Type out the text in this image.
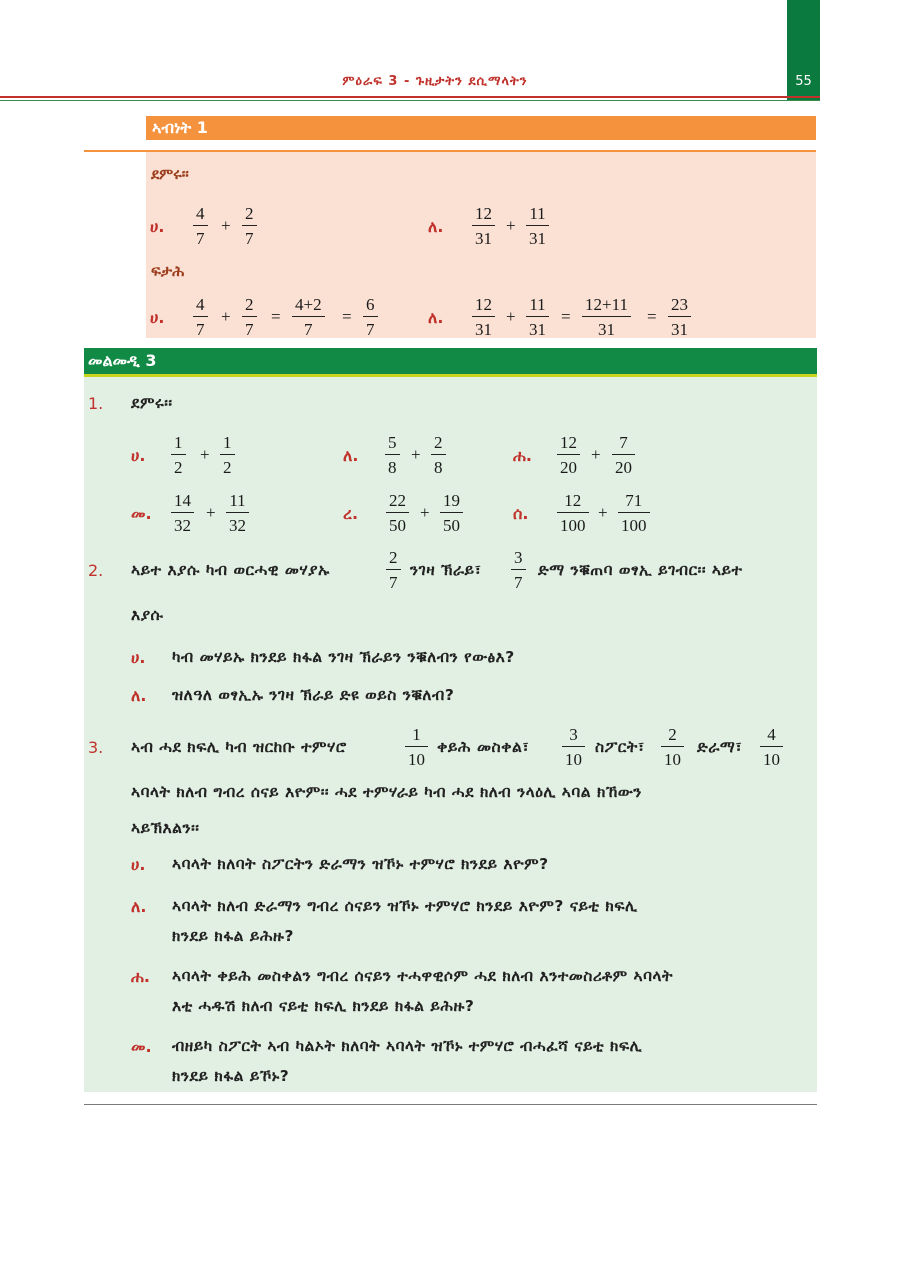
55
ምዕራፍ 3 - ጉዚታትን ደሲማላትን
ኣብነት 1
ደምሩ፡፡
ሀ. $\frac{4}{7} + \frac{2}{7}$	ለ. $\frac{12}{31} + \frac{11}{31}$
ፍታሕ
ሀ. $\frac{4}{7} + \frac{2}{7} = \frac{4+2}{7} = \frac{6}{7}$	ለ. $\frac{12}{31} + \frac{11}{31} = \frac{12+11}{31} = \frac{23}{31}$
መልመዲ 3
1. ደምሩ፡፡
ሀ. $\frac{1}{2} + \frac{1}{2}$	ለ. $\frac{5}{8} + \frac{2}{8}$	ሐ. $\frac{12}{20} + \frac{7}{20}$
መ. $\frac{14}{32} + \frac{11}{32}$	ረ. $\frac{22}{50} + \frac{19}{50}$	ሰ. $\frac{12}{100} + \frac{71}{100}$
2. ኣይተ እያሱ ካብ ወርሓዊ መሃያኡ	$\frac{2}{7}$ ንገዛ ኽራይ፣ $\frac{3}{7}$ ድማ ንቑጠባ ወፃኢ ይገብር፡፡ ኣይተ
እያሱ
ሀ. ካብ መሃይኡ ክንደይ ክፋል ንገዛ ኽራይን ንቑለብን የውፅእ?
ለ. ዝለዓለ ወፃኢኡ ንገዛ ኽራይ ድዩ ወይስ ንቑለብ?
3. ኣብ ሓደ ክፍሊ ካብ ዝርከቡ ተምሃሮ	$\frac{1}{10}$ ቀይሕ መስቀል፣ $\frac{3}{10}$ ስፖርት፣ $\frac{2}{10}$ ድራማ፣ $\frac{4}{10}$
ኣባላት ክለብ ግብረ ሰናይ እዮም፡፡ ሓደ ተምሃራይ ካብ ሓደ ክለብ ንላዕሊ ኣባል ክኸውን
ኣይኽእልን፡፡
ሀ. ኣባላት ክለባት ስፖርትን ድራማን ዝኾኑ ተምሃሮ ክንደይ እዮም?
ለ. ኣባላት ክለብ ድራማን ግብረ ሰናይን ዝኾኑ ተምሃሮ ክንደይ እዮም? ናይቲ ክፍሊ
ክንደይ ክፋል ይሕዙ?
ሐ. ኣባላት ቀይሕ መስቀልን ግብረ ሰናይን ተሓዋዊሶም ሓደ ክለብ እንተመስሪቶም ኣባላት
እቲ ሓዱሽ ክለብ ናይቲ ክፍሊ ክንደይ ክፋል ይሕዙ?
መ. ብዘይካ ስፖርት ኣብ ካልኦት ክለባት ኣባላት ዝኾኑ ተምሃሮ ብሓፈሻ ናይቲ ክፍሊ
ክንደይ ክፋል ይኾኑ?
